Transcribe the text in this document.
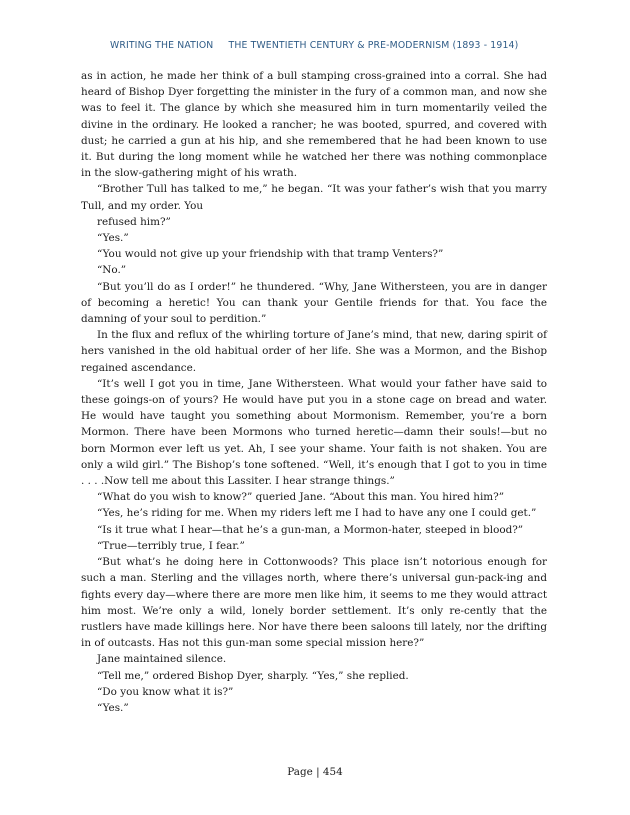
WRITING THE NATION THE TWENTIETH CENTURY & PRE-MODERNISM (1893 - 1914)

as in action, he made her think of a bull stamping cross-grained into a corral. She had heard of Bishop Dyer forgetting the minister in the fury of a common man, and now she was to feel it. The glance by which she measured him in turn momentarily veiled the divine in the ordinary. He looked a rancher; he was booted, spurred, and covered with dust; he carried a gun at his hip, and she remembered that he had been known to use it. But during the long moment while he watched her there was nothing commonplace in the slow-gathering might of his wrath.

“Brother Tull has talked to me,” he began. “It was your father’s wish that you marry Tull, and my order. You

refused him?”

“Yes.”

“You would not give up your friendship with that tramp Venters?”

“No.”

“But you’ll do as I order!” he thundered. “Why, Jane Withersteen, you are in danger of becoming a heretic! You can thank your Gentile friends for that. You face the damning of your soul to perdition.”

In the flux and reflux of the whirling torture of Jane’s mind, that new, daring spirit of hers vanished in the old habitual order of her life. She was a Mormon, and the Bishop regained ascendance.

“It’s well I got you in time, Jane Withersteen. What would your father have said to these goings-on of yours? He would have put you in a stone cage on bread and water. He would have taught you something about Mormonism. Remember, you’re a born Mormon. There have been Mormons who turned heretic—damn their souls!—but no born Mormon ever left us yet. Ah, I see your shame. Your faith is not shaken. You are only a wild girl.” The Bishop’s tone softened. “Well, it’s enough that I got to you in time . . . .Now tell me about this Lassiter. I hear strange things.”

“What do you wish to know?” queried Jane. “About this man. You hired him?”

“Yes, he’s riding for me. When my riders left me I had to have any one I could get.”

“Is it true what I hear—that he’s a gun-man, a Mormon-hater, steeped in blood?”

“True—terribly true, I fear.”

“But what’s he doing here in Cottonwoods? This place isn’t notorious enough for such a man. Sterling and the villages north, where there’s universal gun-pack-ing and fights every day—where there are more men like him, it seems to me they would attract him most. We’re only a wild, lonely border settlement. It’s only re-cently that the rustlers have made killings here. Nor have there been saloons till lately, nor the drifting in of outcasts. Has not this gun-man some special mission here?”

Jane maintained silence.

“Tell me,” ordered Bishop Dyer, sharply. “Yes,” she replied.

“Do you know what it is?”

“Yes.”

Page | 454
